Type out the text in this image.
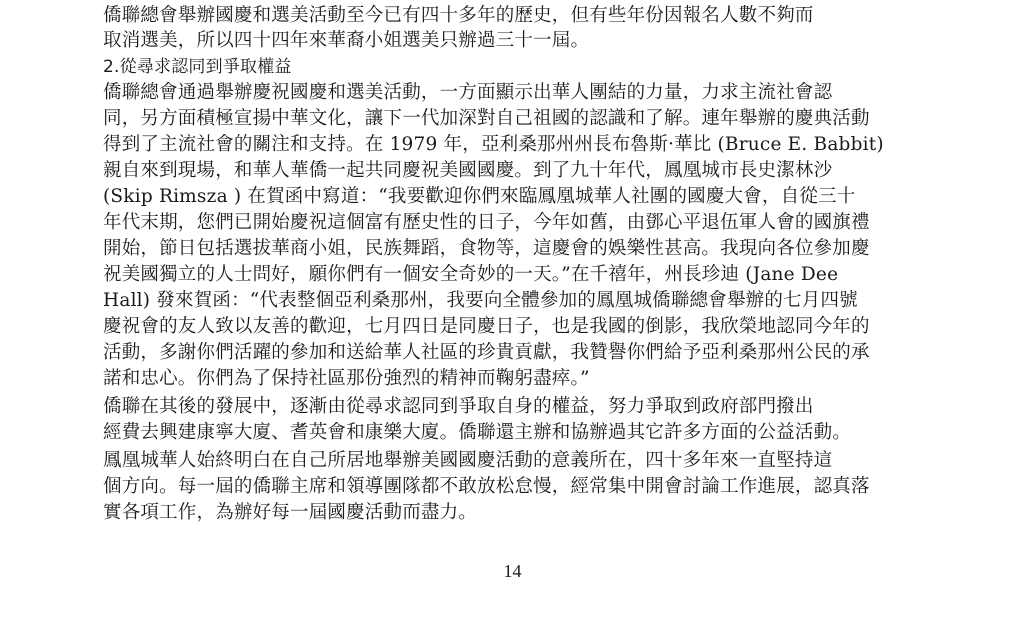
僑聯總會舉辦國慶和選美活動至今已有四十多年的歷史，但有些年份因報名人數不夠而
取消選美，所以四十四年來華裔小姐選美只辦過三十一屆。
2.從尋求認同到爭取權益
僑聯總會通過舉辦慶祝國慶和選美活動，一方面顯示出華人團結的力量，力求主流社會認
同，另方面積極宣揚中華文化，讓下一代加深對自己祖國的認識和了解。連年舉辦的慶典活動
得到了主流社會的關注和支持。在 1979 年，亞利桑那州州長布魯斯·華比 (Bruce E. Babbit)
親自來到現場，和華人華僑一起共同慶祝美國國慶。到了九十年代，鳳凰城市長史潔林沙
(Skip Rimsza ) 在賀函中寫道：“我要歡迎你們來臨鳳凰城華人社團的國慶大會，自從三十
年代末期，您們已開始慶祝這個富有歷史性的日子，今年如舊，由鄧心平退伍軍人會的國旗禮
開始，節日包括選拔華商小姐，民族舞蹈，食物等，這慶會的娛樂性甚高。我現向各位參加慶
祝美國獨立的人士問好，願你們有一個安全奇妙的一天。”在千禧年，州長珍迪 (Jane Dee
Hall) 發來賀函：“代表整個亞利桑那州，我要向全體參加的鳳凰城僑聯總會舉辦的七月四號
慶祝會的友人致以友善的歡迎，七月四日是同慶日子，也是我國的倒影，我欣榮地認同今年的
活動，多謝你們活躍的參加和送給華人社區的珍貴貢獻，我贊譽你們給予亞利桑那州公民的承
諾和忠心。你們為了保持社區那份強烈的精神而鞠躬盡瘁。”
僑聯在其後的發展中，逐漸由從尋求認同到爭取自身的權益，努力爭取到政府部門撥出
經費去興建康寧大廈、耆英會和康樂大廈。僑聯還主辦和協辦過其它許多方面的公益活動。
鳳凰城華人始終明白在自己所居地舉辦美國國慶活動的意義所在，四十多年來一直堅持這
個方向。每一屆的僑聯主席和領導團隊都不敢放松怠慢，經常集中開會討論工作進展，認真落
實各項工作，為辦好每一屆國慶活動而盡力。
14
